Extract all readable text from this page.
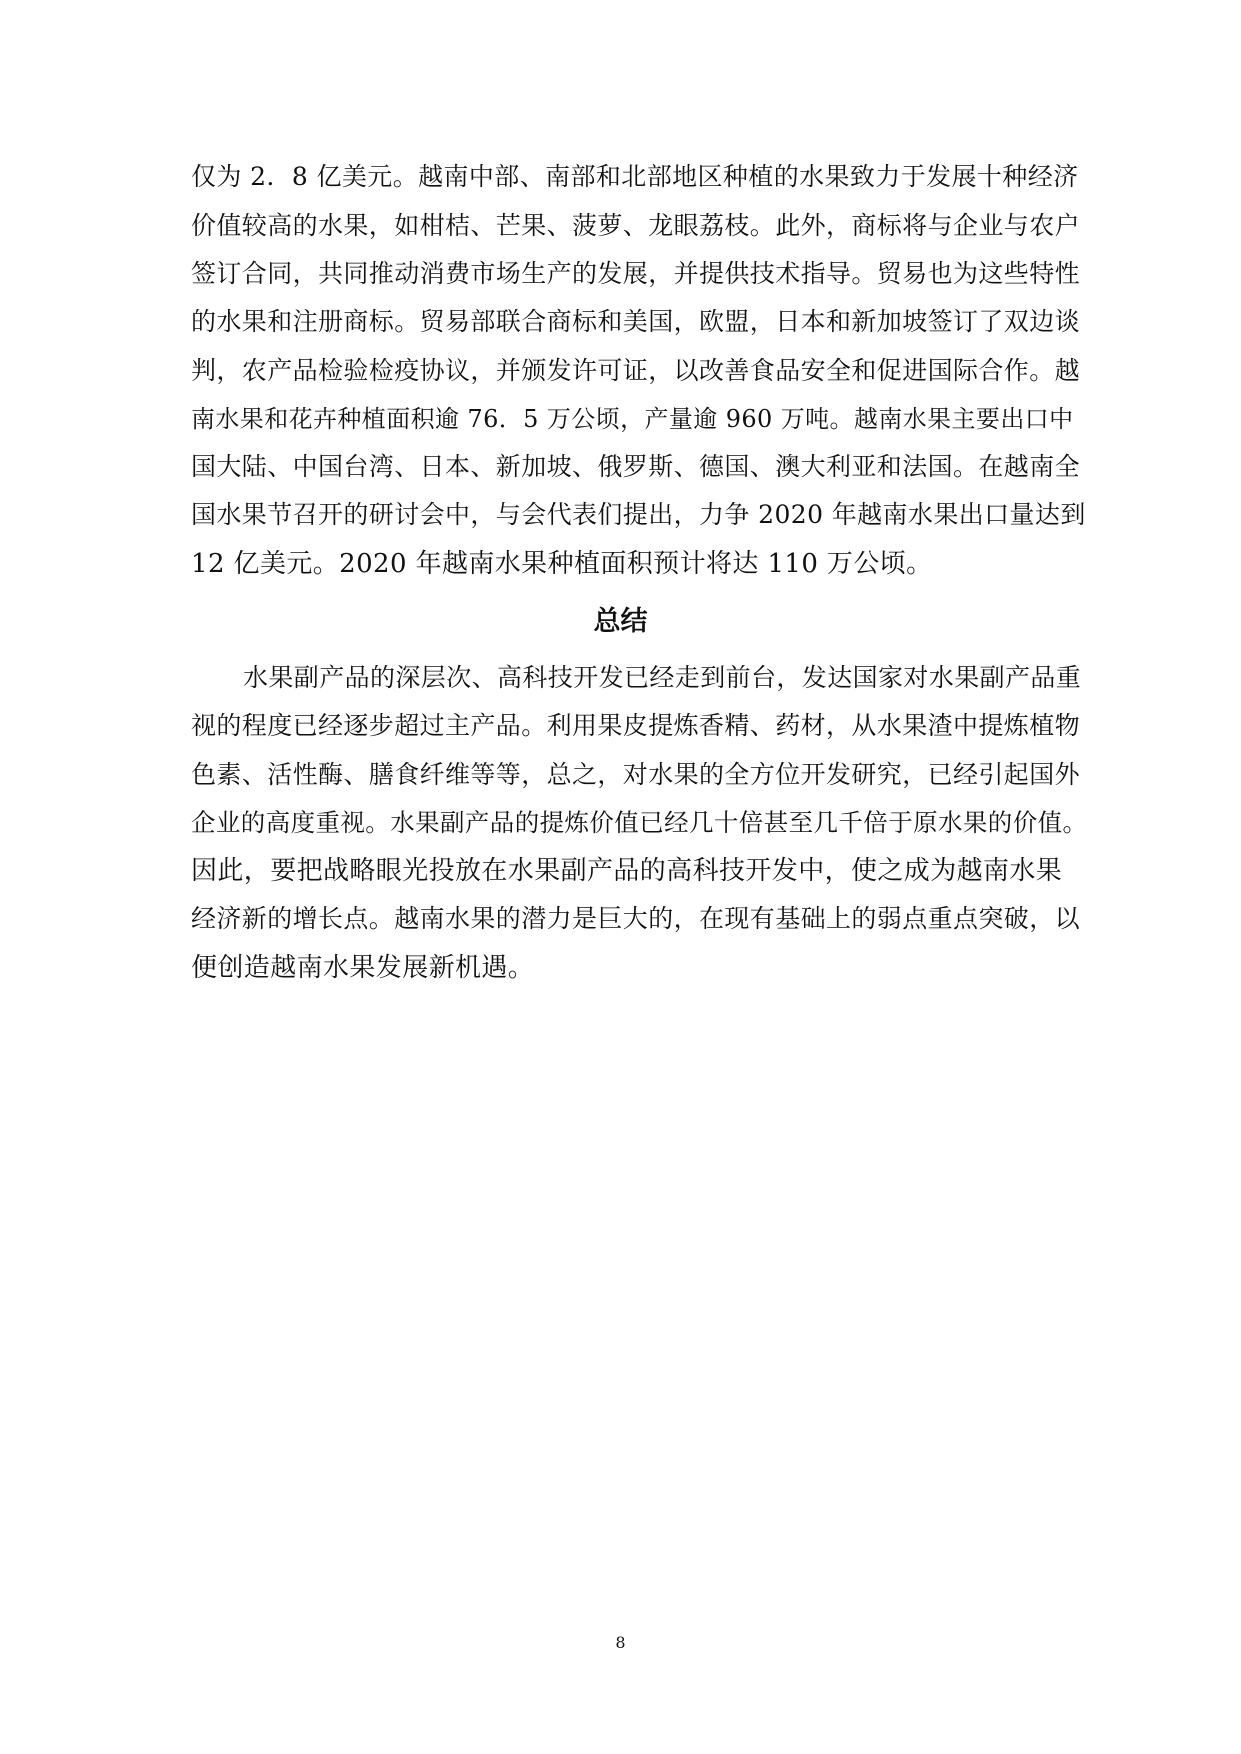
仅为 2．8 亿美元。越南中部、南部和北部地区种植的水果致力于发展十种经济
价值较高的水果，如柑桔、芒果、菠萝、龙眼荔枝。此外，商标将与企业与农户
签订合同，共同推动消费市场生产的发展，并提供技术指导。贸易也为这些特性
的水果和注册商标。贸易部联合商标和美国，欧盟，日本和新加坡签订了双边谈
判，农产品检验检疫协议，并颁发许可证，以改善食品安全和促进国际合作。越
南水果和花卉种植面积逾 76．5 万公顷，产量逾 960 万吨。越南水果主要出口中
国大陆、中国台湾、日本、新加坡、俄罗斯、德国、澳大利亚和法国。在越南全
国水果节召开的研讨会中，与会代表们提出，力争 2020 年越南水果出口量达到
12 亿美元。2020 年越南水果种植面积预计将达 110 万公顷。
总结
水果副产品的深层次、高科技开发已经走到前台，发达国家对水果副产品重
视的程度已经逐步超过主产品。利用果皮提炼香精、药材，从水果渣中提炼植物
色素、活性酶、膳食纤维等等，总之，对水果的全方位开发研究，已经引起国外
企业的高度重视。水果副产品的提炼价值已经几十倍甚至几千倍于原水果的价值。
因此，要把战略眼光投放在水果副产品的高科技开发中，使之成为越南水果
经济新的增长点。越南水果的潜力是巨大的，在现有基础上的弱点重点突破，以
便创造越南水果发展新机遇。
8
